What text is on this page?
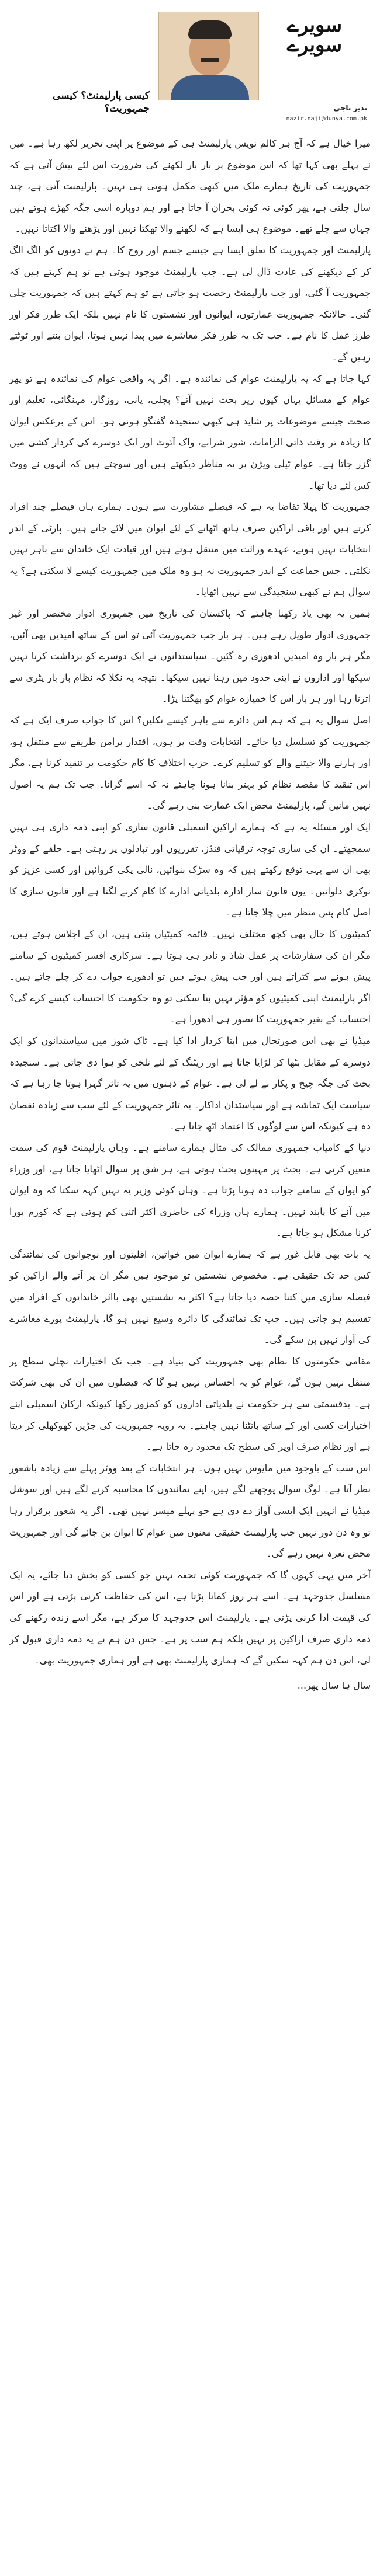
سویرے
سویرے
نذیر ناجی
nazir.naji@dunya.com.pk
کیسی پارلیمنٹ؟ کیسی جمہوریت؟

میرا خیال ہے کہ آج ہر کالم نویس پارلیمنٹ ہی کے موضوع پر اپنی تحریر لکھ رہا ہے۔ میں نے پہلے بھی کہا تھا کہ اس موضوع پر بار بار لکھنے کی ضرورت اس لئے پیش آتی ہے کہ جمہوریت کی تاریخ ہمارے ملک میں کبھی مکمل ہوتی ہی نہیں۔ پارلیمنٹ آتی ہے، چند سال چلتی ہے، پھر کوئی نہ کوئی بحران آ جاتا ہے اور ہم دوبارہ اسی جگہ کھڑے ہوتے ہیں جہاں سے چلے تھے۔ موضوع ہی ایسا ہے کہ لکھنے والا تھکتا نہیں اور پڑھنے والا اکتاتا نہیں۔

پارلیمنٹ اور جمہوریت کا تعلق ایسا ہے جیسے جسم اور روح کا۔ ہم نے دونوں کو الگ الگ کر کے دیکھنے کی عادت ڈال لی ہے۔ جب پارلیمنٹ موجود ہوتی ہے تو ہم کہتے ہیں کہ جمہوریت آ گئی، اور جب پارلیمنٹ رخصت ہو جاتی ہے تو ہم کہتے ہیں کہ جمہوریت چلی گئی۔ حالانکہ جمہوریت عمارتوں، ایوانوں اور نشستوں کا نام نہیں بلکہ ایک طرز فکر اور طرز عمل کا نام ہے۔ جب تک یہ طرز فکر معاشرے میں پیدا نہیں ہوتا، ایوان بنتے اور ٹوٹتے رہیں گے۔

کہا جاتا ہے کہ یہ پارلیمنٹ عوام کی نمائندہ ہے۔ اگر یہ واقعی عوام کی نمائندہ ہے تو پھر عوام کے مسائل یہاں کیوں زیر بحث نہیں آتے؟ بجلی، پانی، روزگار، مہنگائی، تعلیم اور صحت جیسے موضوعات پر شاید ہی کبھی سنجیدہ گفتگو ہوئی ہو۔ اس کے برعکس ایوان کا زیادہ تر وقت ذاتی الزامات، شور شرابے، واک آئوٹ اور ایک دوسرے کی کردار کشی میں گزر جاتا ہے۔ عوام ٹیلی ویژن پر یہ مناظر دیکھتے ہیں اور سوچتے ہیں کہ انہوں نے ووٹ کس لئے دیا تھا۔

جمہوریت کا پہلا تقاضا یہ ہے کہ فیصلے مشاورت سے ہوں۔ ہمارے ہاں فیصلے چند افراد کرتے ہیں اور باقی اراکین صرف ہاتھ اٹھانے کے لئے ایوان میں لائے جاتے ہیں۔ پارٹی کے اندر انتخابات نہیں ہوتے، عہدے وراثت میں منتقل ہوتے ہیں اور قیادت ایک خاندان سے باہر نہیں نکلتی۔ جس جماعت کے اندر جمہوریت نہ ہو وہ ملک میں جمہوریت کیسے لا سکتی ہے؟ یہ سوال ہم نے کبھی سنجیدگی سے نہیں اٹھایا۔

ہمیں یہ بھی یاد رکھنا چاہئے کہ پاکستان کی تاریخ میں جمہوری ادوار مختصر اور غیر جمہوری ادوار طویل رہے ہیں۔ ہر بار جب جمہوریت آئی تو اس کے ساتھ امیدیں بھی آئیں، مگر ہر بار وہ امیدیں ادھوری رہ گئیں۔ سیاستدانوں نے ایک دوسرے کو برداشت کرنا نہیں سیکھا اور اداروں نے اپنی حدود میں رہنا نہیں سیکھا۔ نتیجہ یہ نکلا کہ نظام بار بار پٹری سے اترتا رہا اور ہر بار اس کا خمیازہ عوام کو بھگتنا پڑا۔

اصل سوال یہ ہے کہ ہم اس دائرے سے باہر کیسے نکلیں؟ اس کا جواب صرف ایک ہے کہ جمہوریت کو تسلسل دیا جائے۔ انتخابات وقت پر ہوں، اقتدار پرامن طریقے سے منتقل ہو، اور ہارنے والا جیتنے والے کو تسلیم کرے۔ حزب اختلاف کا کام حکومت پر تنقید کرنا ہے، مگر اس تنقید کا مقصد نظام کو بہتر بنانا ہونا چاہئے نہ کہ اسے گرانا۔ جب تک ہم یہ اصول نہیں مانیں گے، پارلیمنٹ محض ایک عمارت بنی رہے گی۔

ایک اور مسئلہ یہ ہے کہ ہمارے اراکین اسمبلی قانون سازی کو اپنی ذمہ داری ہی نہیں سمجھتے۔ ان کی ساری توجہ ترقیاتی فنڈز، تقرریوں اور تبادلوں پر رہتی ہے۔ حلقے کے ووٹر بھی ان سے یہی توقع رکھتے ہیں کہ وہ سڑک بنوائیں، نالی پکی کروائیں اور کسی عزیز کو نوکری دلوائیں۔ یوں قانون ساز ادارہ بلدیاتی ادارے کا کام کرنے لگتا ہے اور قانون سازی کا اصل کام پس منظر میں چلا جاتا ہے۔

کمیٹیوں کا حال بھی کچھ مختلف نہیں۔ قائمہ کمیٹیاں بنتی ہیں، ان کے اجلاس ہوتے ہیں، مگر ان کی سفارشات پر عمل شاذ و نادر ہی ہوتا ہے۔ سرکاری افسر کمیٹیوں کے سامنے پیش ہونے سے کتراتے ہیں اور جب پیش ہوتے ہیں تو ادھورے جواب دے کر چلے جاتے ہیں۔ اگر پارلیمنٹ اپنی کمیٹیوں کو مؤثر نہیں بنا سکتی تو وہ حکومت کا احتساب کیسے کرے گی؟ احتساب کے بغیر جمہوریت کا تصور ہی ادھورا ہے۔

میڈیا نے بھی اس صورتحال میں اپنا کردار ادا کیا ہے۔ ٹاک شوز میں سیاستدانوں کو ایک دوسرے کے مقابل بٹھا کر لڑایا جاتا ہے اور ریٹنگ کے لئے تلخی کو ہوا دی جاتی ہے۔ سنجیدہ بحث کی جگہ چیخ و پکار نے لے لی ہے۔ عوام کے ذہنوں میں یہ تاثر گہرا ہوتا جا رہا ہے کہ سیاست ایک تماشہ ہے اور سیاستدان اداکار۔ یہ تاثر جمہوریت کے لئے سب سے زیادہ نقصان دہ ہے کیونکہ اس سے لوگوں کا اعتماد اٹھ جاتا ہے۔

دنیا کے کامیاب جمہوری ممالک کی مثال ہمارے سامنے ہے۔ وہاں پارلیمنٹ قوم کی سمت متعین کرتی ہے۔ بجٹ پر مہینوں بحث ہوتی ہے، ہر شق پر سوال اٹھایا جاتا ہے، اور وزراء کو ایوان کے سامنے جواب دہ ہونا پڑتا ہے۔ وہاں کوئی وزیر یہ نہیں کہہ سکتا کہ وہ ایوان میں آنے کا پابند نہیں۔ ہمارے ہاں وزراء کی حاضری اکثر اتنی کم ہوتی ہے کہ کورم پورا کرنا مشکل ہو جاتا ہے۔

یہ بات بھی قابل غور ہے کہ ہمارے ایوان میں خواتین، اقلیتوں اور نوجوانوں کی نمائندگی کس حد تک حقیقی ہے۔ مخصوص نشستیں تو موجود ہیں مگر ان پر آنے والے اراکین کو فیصلہ سازی میں کتنا حصہ دیا جاتا ہے؟ اکثر یہ نشستیں بھی بااثر خاندانوں کے افراد میں تقسیم ہو جاتی ہیں۔ جب تک نمائندگی کا دائرہ وسیع نہیں ہو گا، پارلیمنٹ پورے معاشرے کی آواز نہیں بن سکے گی۔

مقامی حکومتوں کا نظام بھی جمہوریت کی بنیاد ہے۔ جب تک اختیارات نچلی سطح پر منتقل نہیں ہوں گے، عوام کو یہ احساس نہیں ہو گا کہ فیصلوں میں ان کی بھی شرکت ہے۔ بدقسمتی سے ہر حکومت نے بلدیاتی اداروں کو کمزور رکھا کیونکہ ارکان اسمبلی اپنے اختیارات کسی اور کے ساتھ بانٹنا نہیں چاہتے۔ یہ رویہ جمہوریت کی جڑیں کھوکھلی کر دیتا ہے اور نظام صرف اوپر کی سطح تک محدود رہ جاتا ہے۔

اس سب کے باوجود میں مایوس نہیں ہوں۔ ہر انتخابات کے بعد ووٹر پہلے سے زیادہ باشعور نظر آتا ہے۔ لوگ سوال پوچھنے لگے ہیں، اپنے نمائندوں کا محاسبہ کرنے لگے ہیں اور سوشل میڈیا نے انہیں ایک ایسی آواز دے دی ہے جو پہلے میسر نہیں تھی۔ اگر یہ شعور برقرار رہا تو وہ دن دور نہیں جب پارلیمنٹ حقیقی معنوں میں عوام کا ایوان بن جائے گی اور جمہوریت محض نعرہ نہیں رہے گی۔

آخر میں یہی کہوں گا کہ جمہوریت کوئی تحفہ نہیں جو کسی کو بخش دیا جائے، یہ ایک مسلسل جدوجہد ہے۔ اسے ہر روز کمانا پڑتا ہے، اس کی حفاظت کرنی پڑتی ہے اور اس کی قیمت ادا کرنی پڑتی ہے۔ پارلیمنٹ اس جدوجہد کا مرکز ہے، مگر اسے زندہ رکھنے کی ذمہ داری صرف اراکین پر نہیں بلکہ ہم سب پر ہے۔ جس دن ہم نے یہ ذمہ داری قبول کر لی، اس دن ہم کہہ سکیں گے کہ ہماری پارلیمنٹ بھی ہے اور ہماری جمہوریت بھی۔

سال ہا سال پھر...
